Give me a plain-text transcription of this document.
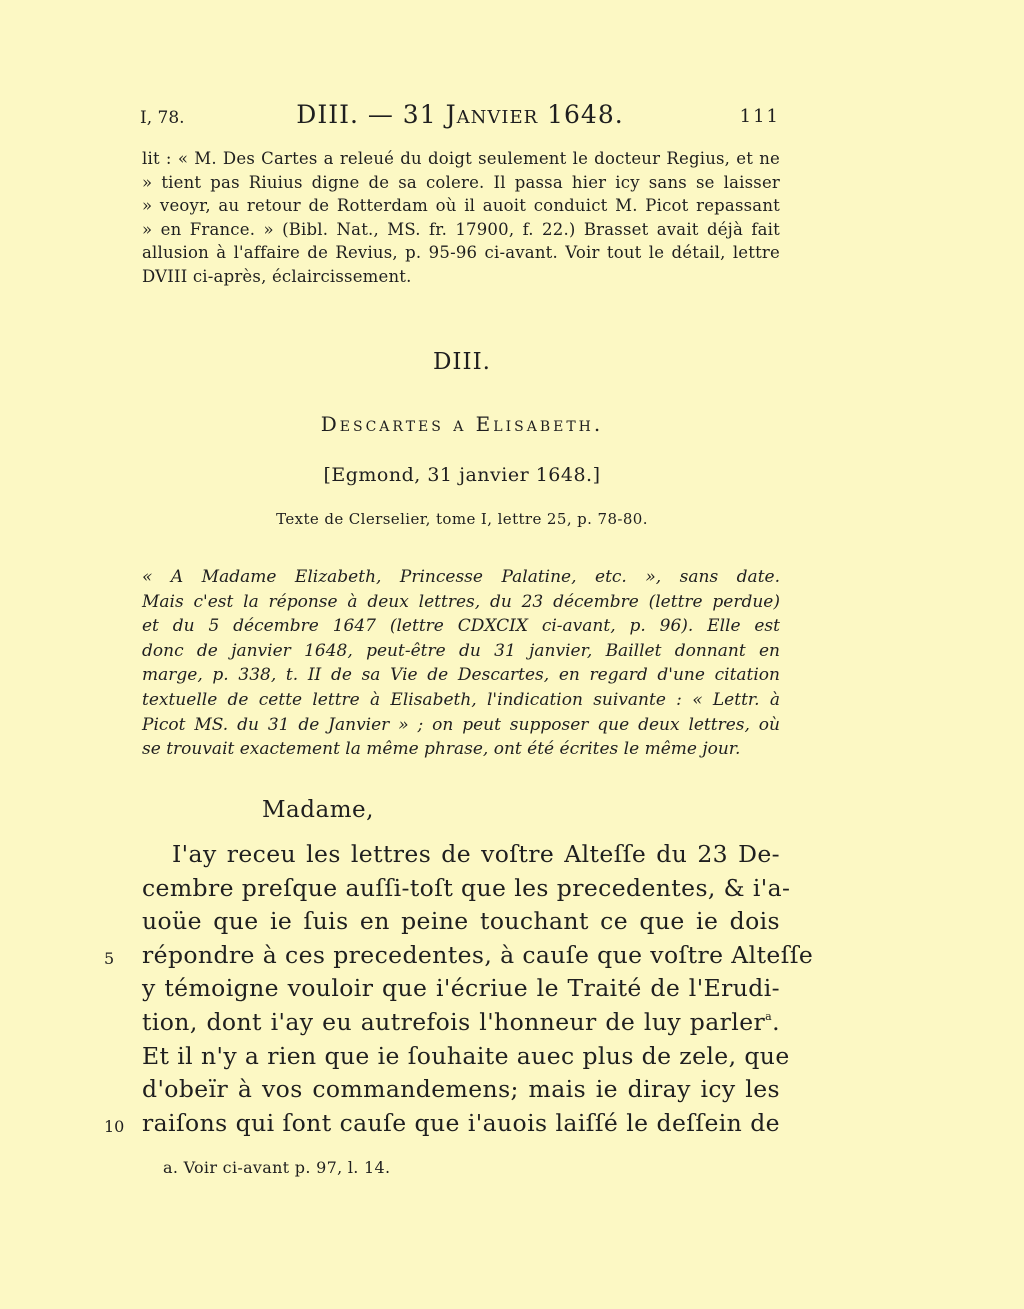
I, 78.	DIII. — 31 Janvier 1648.	111
lit : « M. Des Cartes a releué du doigt seulement le docteur Regius, et ne
» tient pas Riuius digne de sa colere. Il passa hier icy sans se laisser
» veoyr, au retour de Rotterdam où il auoit conduict M. Picot repassant
» en France. » (Bibl. Nat., MS. fr. 17900, f. 22.) Brasset avait déjà fait
allusion à l'affaire de Revius, p. 95-96 ci-avant. Voir tout le détail, lettre
DVIII ci-après, éclaircissement.
DIII.
Descartes a Elisabeth.
[Egmond, 31 janvier 1648.]
Texte de Clerselier, tome I, lettre 25, p. 78-80.
« A Madame Elizabeth, Princesse Palatine, etc. », sans date.
Mais c'est la réponse à deux lettres, du 23 décembre (lettre perdue)
et du 5 décembre 1647 (lettre CDXCIX ci-avant, p. 96). Elle est
donc de janvier 1648, peut-être du 31 janvier, Baillet donnant en
marge, p. 338, t. II de sa Vie de Descartes, en regard d'une citation
textuelle de cette lettre à Elisabeth, l'indication suivante : « Lettr. à
Picot MS. du 31 de Janvier » ; on peut supposer que deux lettres, où
se trouvait exactement la même phrase, ont été écrites le même jour.
Madame,
I'ay receu les lettres de voſtre Alteſſe du 23 De-
cembre preſque auſſi-toſt que les precedentes, & i'a-
uoüe que ie ſuis en peine touchant ce que ie dois
répondre à ces precedentes, à cauſe que voſtre Alteſſe
y témoigne vouloir que i'écriue le Traité de l'Erudi-
tion, dont i'ay eu autrefois l'honneur de luy parler$^a$.
Et il n'y a rien que ie ſouhaite auec plus de zele, que
d'obeïr à vos commandemens; mais ie diray icy les
raiſons qui ſont cauſe que i'auois laiſſé le deſſein de
5
10
a. Voir ci-avant p. 97, l. 14.
